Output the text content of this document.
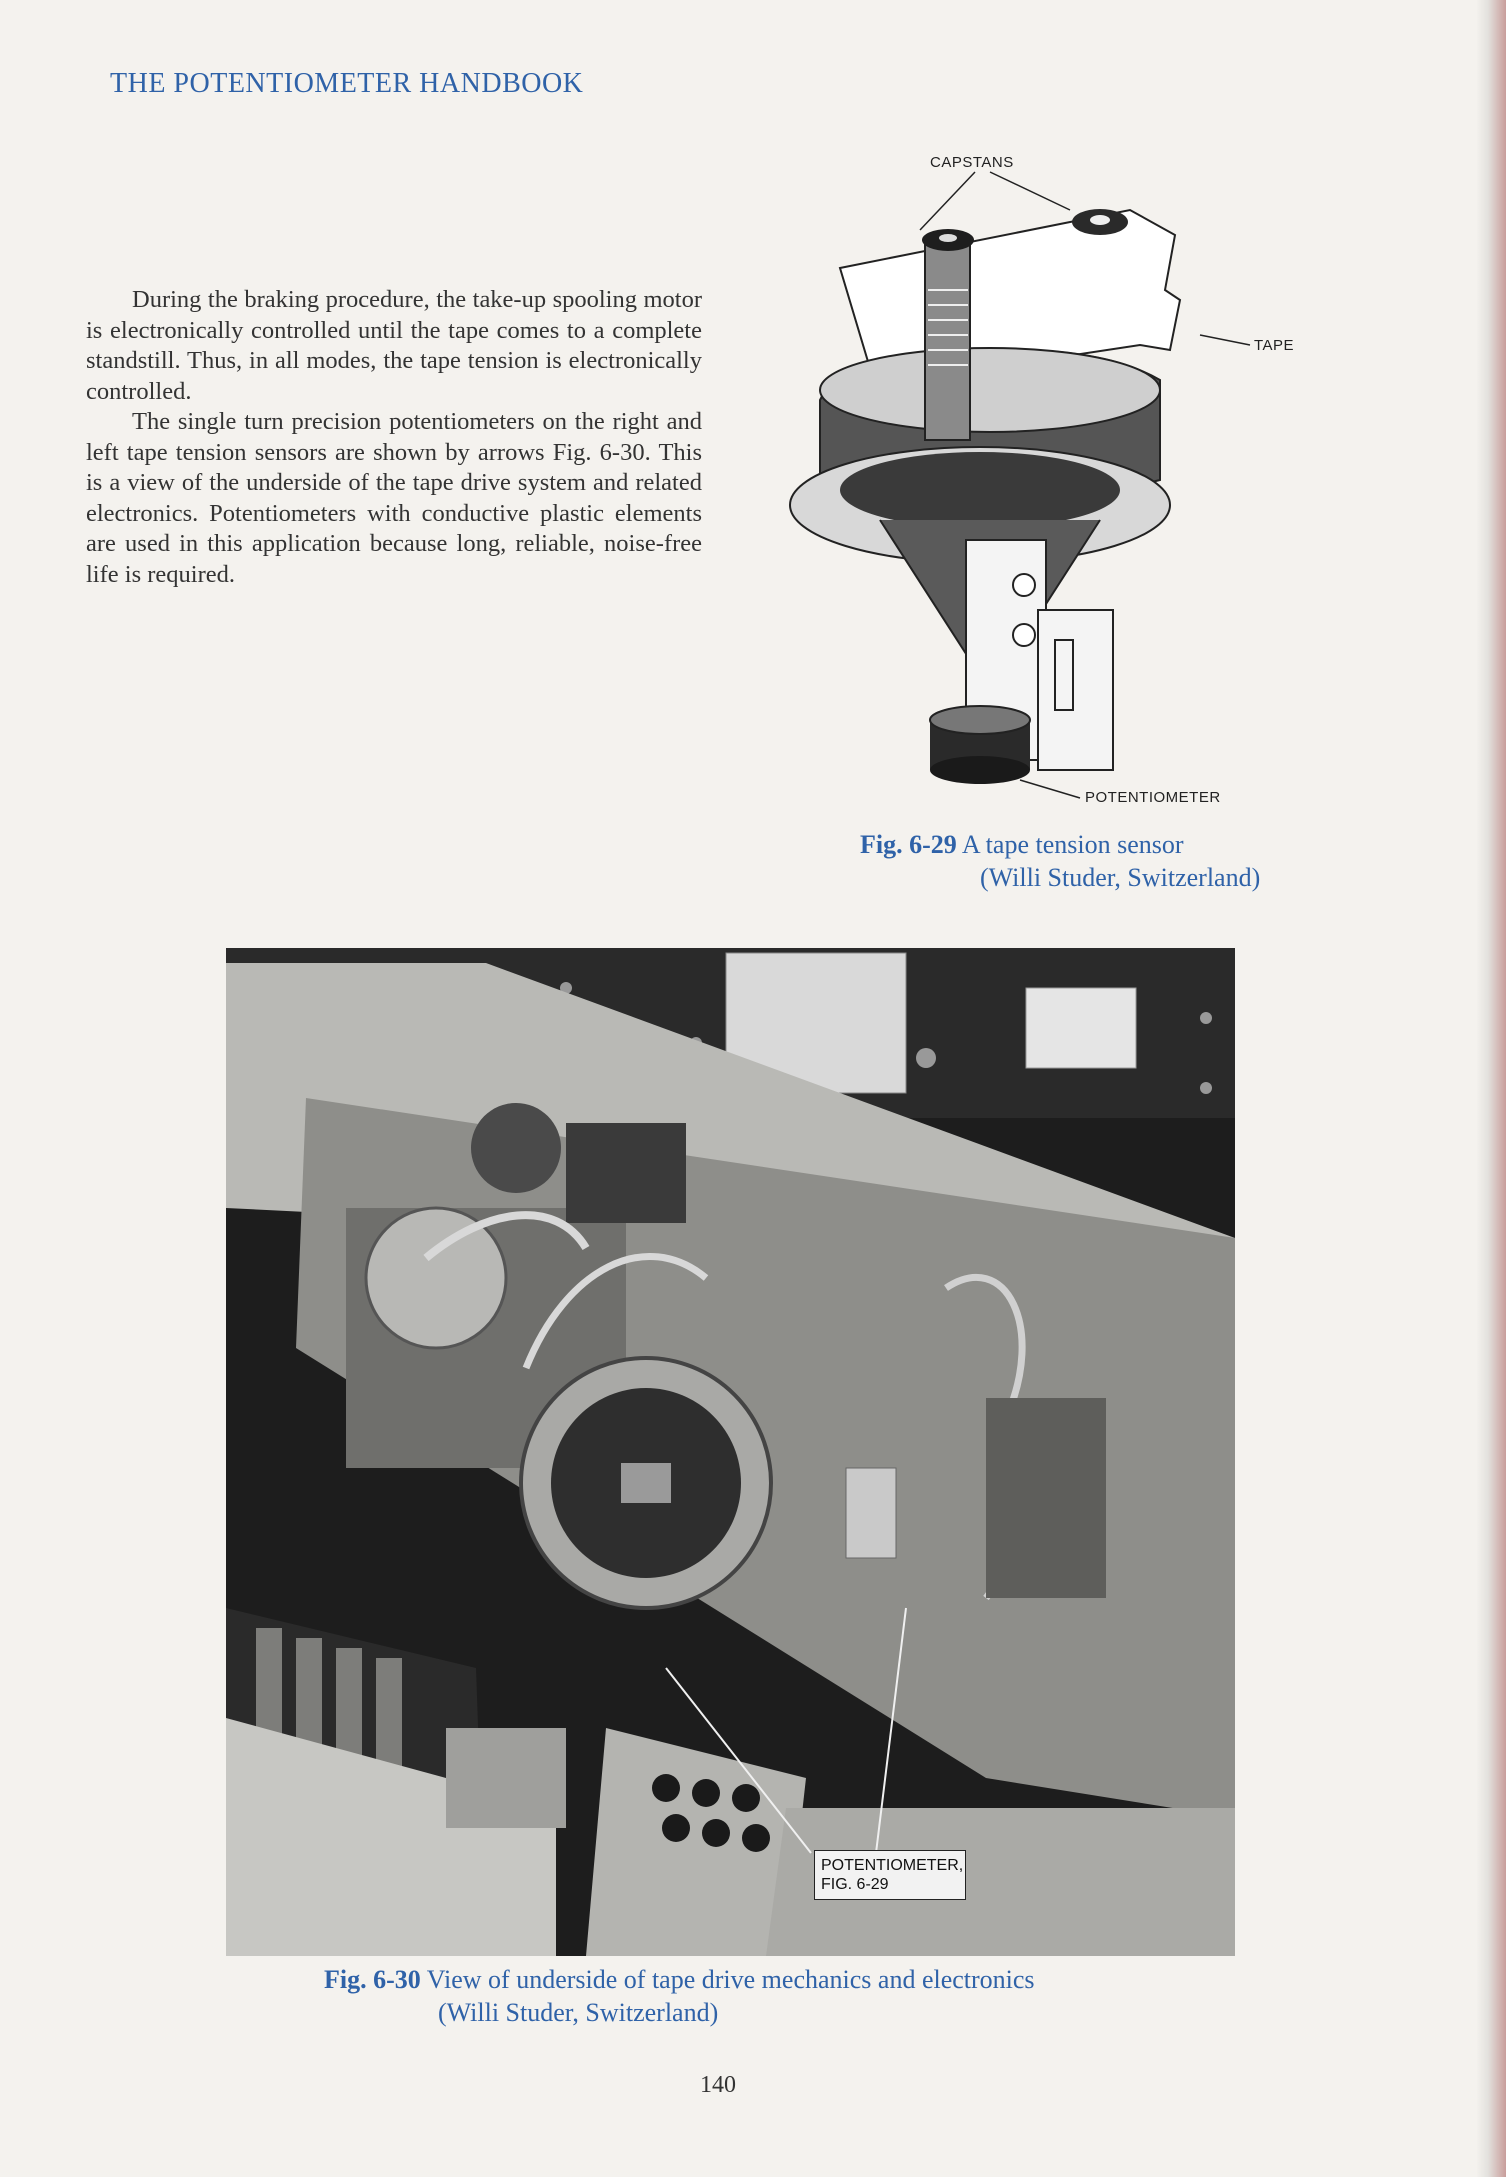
THE POTENTIOMETER HANDBOOK

During the braking procedure, the take-up spooling motor is electronically controlled until the tape comes to a complete standstill. Thus, in all modes, the tape tension is electronically controlled.

The single turn precision potentiometers on the right and left tape tension sensors are shown by arrows Fig. 6-30. This is a view of the underside of the tape drive system and related electronics. Potentiometers with conductive plastic elements are used in this application because long, reliable, noise-free life is required.

CAPSTANS
TAPE
POTENTIOMETER
Fig. 6-29 A tape tension sensor
(Willi Studer, Switzerland)
POTENTIOMETER,
FIG. 6-29
Fig. 6-30 View of underside of tape drive mechanics and electronics
(Willi Studer, Switzerland)
140
